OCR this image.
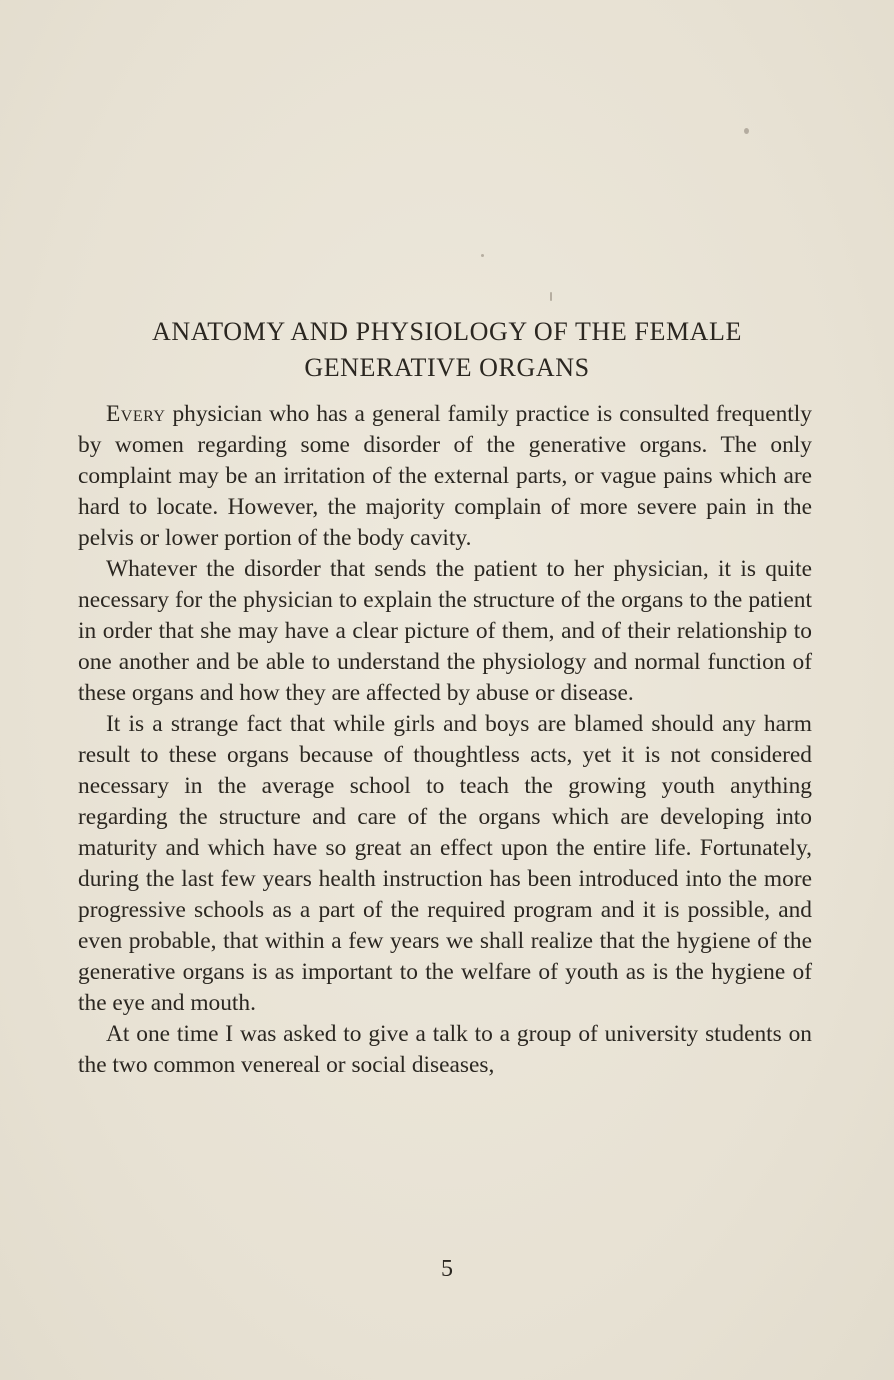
ANATOMY AND PHYSIOLOGY OF THE FEMALE
GENERATIVE ORGANS

Every physician who has a general family practice is consulted frequently by women regarding some disorder of the generative organs. The only complaint may be an irritation of the external parts, or vague pains which are hard to locate. However, the majority complain of more severe pain in the pelvis or lower portion of the body cavity.

Whatever the disorder that sends the patient to her physician, it is quite necessary for the physician to explain the structure of the organs to the patient in order that she may have a clear picture of them, and of their relationship to one another and be able to understand the physiology and normal function of these organs and how they are affected by abuse or disease.

It is a strange fact that while girls and boys are blamed should any harm result to these organs because of thoughtless acts, yet it is not considered necessary in the average school to teach the growing youth anything regarding the structure and care of the organs which are developing into maturity and which have so great an effect upon the entire life. Fortunately, during the last few years health instruction has been introduced into the more progressive schools as a part of the required program and it is possible, and even probable, that within a few years we shall realize that the hygiene of the generative organs is as important to the welfare of youth as is the hygiene of the eye and mouth.

At one time I was asked to give a talk to a group of university students on the two common venereal or social diseases,

5
